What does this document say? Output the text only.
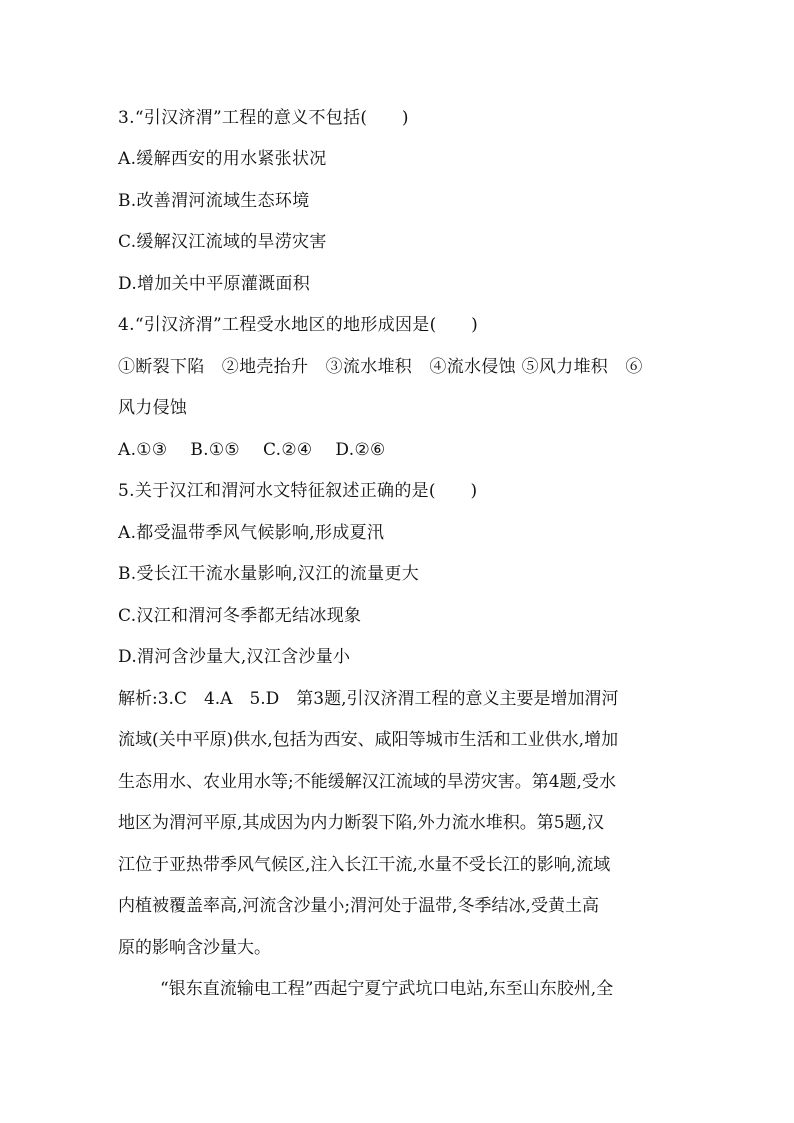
3.“引汉济渭”工程的意义不包括(　　)
A.缓解西安的用水紧张状况
B.改善渭河流域生态环境
C.缓解汉江流域的旱涝灾害
D.增加关中平原灌溉面积
4.“引汉济渭”工程受水地区的地形成因是(　　)
①断裂下陷　②地壳抬升　③流水堆积　④流水侵蚀 ⑤风力堆积　⑥
风力侵蚀
A.①③　 B.①⑤　 C.②④　 D.②⑥
5.关于汉江和渭河水文特征叙述正确的是(　　)
A.都受温带季风气候影响,形成夏汛
B.受长江干流水量影响,汉江的流量更大
C.汉江和渭河冬季都无结冰现象
D.渭河含沙量大,汉江含沙量小
解析:3.C　4.A　5.D　第3题,引汉济渭工程的意义主要是增加渭河
流域(关中平原)供水,包括为西安、咸阳等城市生活和工业供水,增加
生态用水、农业用水等;不能缓解汉江流域的旱涝灾害。第4题,受水
地区为渭河平原,其成因为内力断裂下陷,外力流水堆积。第5题,汉
江位于亚热带季风气候区,注入长江干流,水量不受长江的影响,流域
内植被覆盖率高,河流含沙量小;渭河处于温带,冬季结冰,受黄土高
原的影响含沙量大。
“银东直流输电工程”西起宁夏宁武坑口电站,东至山东胶州,全
